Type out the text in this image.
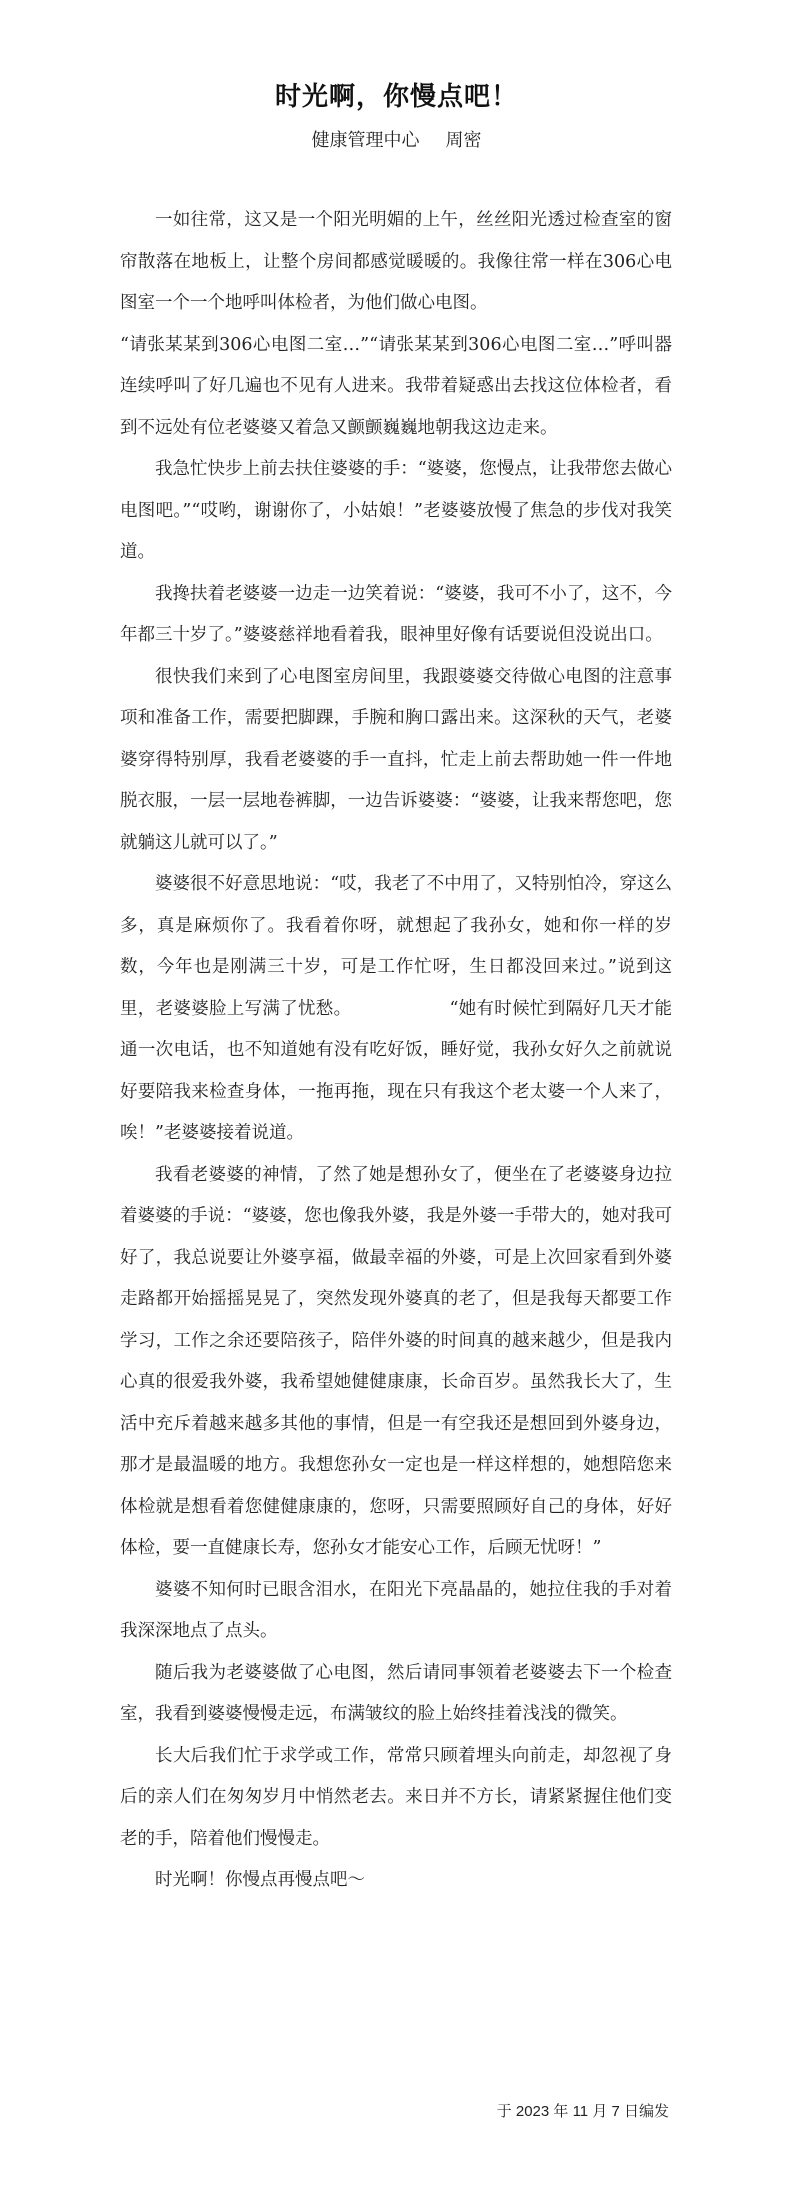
时光啊，你慢点吧！
健康管理中心 周密

一如往常，这又是一个阳光明媚的上午，丝丝阳光透过检查室的窗帘散落在地板上，让整个房间都感觉暖暖的。我像往常一样在306心电图室一个一个地呼叫体检者，为他们做心电图。

“请张某某到306心电图二室…”“请张某某到306心电图二室…”呼叫器连续呼叫了好几遍也不见有人进来。我带着疑惑出去找这位体检者，看到不远处有位老婆婆又着急又颤颤巍巍地朝我这边走来。

我急忙快步上前去扶住婆婆的手：“婆婆，您慢点，让我带您去做心电图吧。”“哎哟，谢谢你了，小姑娘！”老婆婆放慢了焦急的步伐对我笑道。

我搀扶着老婆婆一边走一边笑着说：“婆婆，我可不小了，这不，今年都三十岁了。”婆婆慈祥地看着我，眼神里好像有话要说但没说出口。

很快我们来到了心电图室房间里，我跟婆婆交待做心电图的注意事项和准备工作，需要把脚踝，手腕和胸口露出来。这深秋的天气，老婆婆穿得特别厚，我看老婆婆的手一直抖，忙走上前去帮助她一件一件地脱衣服，一层一层地卷裤脚，一边告诉婆婆：“婆婆，让我来帮您吧，您就躺这儿就可以了。”

婆婆很不好意思地说：“哎，我老了不中用了，又特别怕冷，穿这么多，真是麻烦你了。我看着你呀，就想起了我孙女，她和你一样的岁数，今年也是刚满三十岁，可是工作忙呀，生日都没回来过。”说到这里，老婆婆脸上写满了忧愁。　　　　　　“她有时候忙到隔好几天才能通一次电话，也不知道她有没有吃好饭，睡好觉，我孙女好久之前就说好要陪我来检查身体，一拖再拖，现在只有我这个老太婆一个人来了，唉！”老婆婆接着说道。

我看老婆婆的神情，了然了她是想孙女了，便坐在了老婆婆身边拉着婆婆的手说：“婆婆，您也像我外婆，我是外婆一手带大的，她对我可好了，我总说要让外婆享福，做最幸福的外婆，可是上次回家看到外婆走路都开始摇摇晃晃了，突然发现外婆真的老了，但是我每天都要工作学习，工作之余还要陪孩子，陪伴外婆的时间真的越来越少，但是我内心真的很爱我外婆，我希望她健健康康，长命百岁。虽然我长大了，生活中充斥着越来越多其他的事情，但是一有空我还是想回到外婆身边，那才是最温暖的地方。我想您孙女一定也是一样这样想的，她想陪您来体检就是想看着您健健康康的，您呀，只需要照顾好自己的身体，好好体检，要一直健康长寿，您孙女才能安心工作，后顾无忧呀！”

婆婆不知何时已眼含泪水，在阳光下亮晶晶的，她拉住我的手对着我深深地点了点头。

随后我为老婆婆做了心电图，然后请同事领着老婆婆去下一个检查室，我看到婆婆慢慢走远，布满皱纹的脸上始终挂着浅浅的微笑。

长大后我们忙于求学或工作，常常只顾着埋头向前走，却忽视了身后的亲人们在匆匆岁月中悄然老去。来日并不方长，请紧紧握住他们变老的手，陪着他们慢慢走。

时光啊！你慢点再慢点吧～

于 2023 年 11 月 7 日编发
